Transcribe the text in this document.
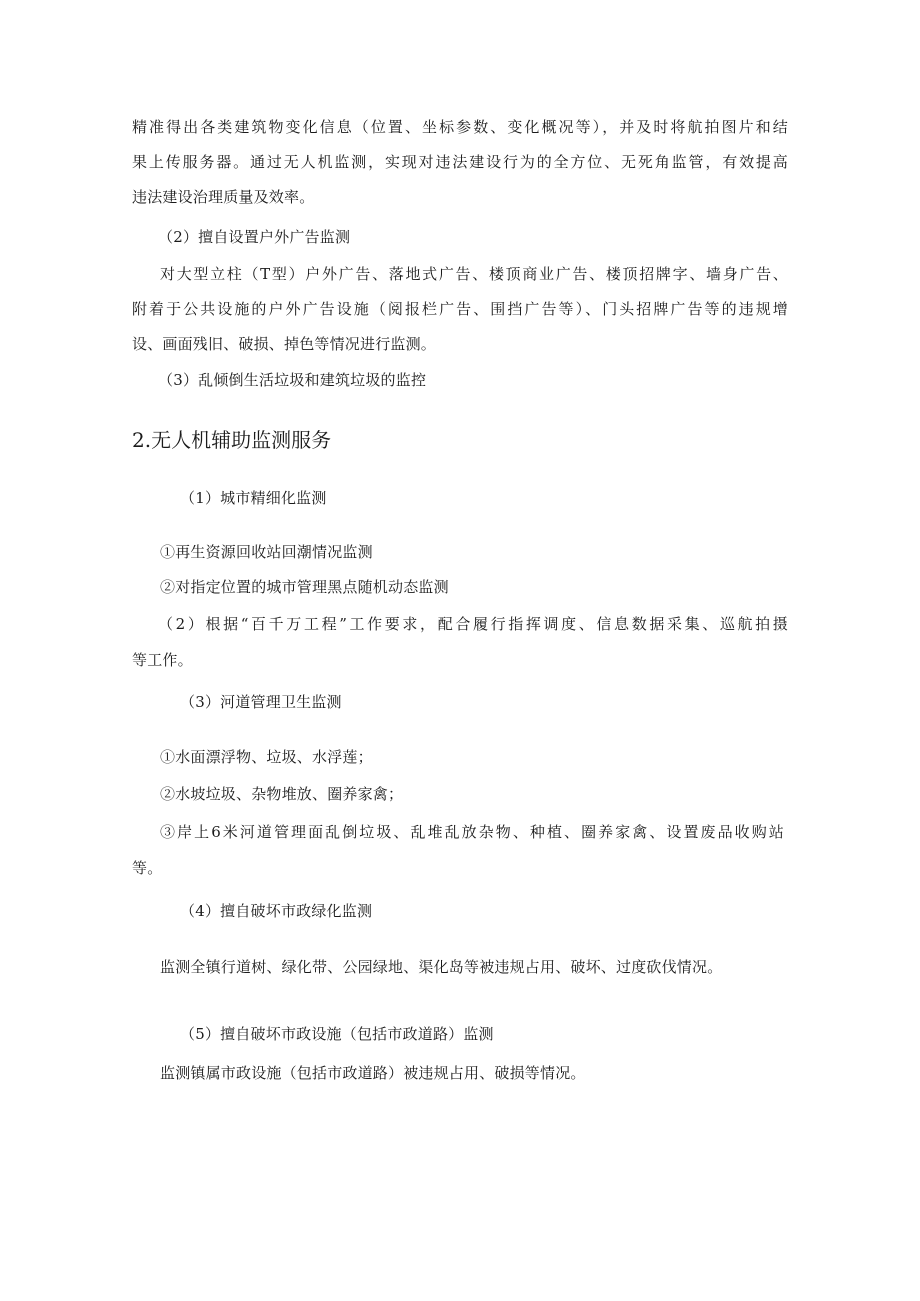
精准得出各类建筑物变化信息（位置、坐标参数、变化概况等），并及时将航拍图片和结
果上传服务器。通过无人机监测，实现对违法建设行为的全方位、无死角监管，有效提高
违法建设治理质量及效率。
（2）擅自设置户外广告监测
对大型立柱（T型）户外广告、落地式广告、楼顶商业广告、楼顶招牌字、墙身广告、
附着于公共设施的户外广告设施（阅报栏广告、围挡广告等）、门头招牌广告等的违规增
设、画面残旧、破损、掉色等情况进行监测。
（3）乱倾倒生活垃圾和建筑垃圾的监控
2.无人机辅助监测服务
（1）城市精细化监测
①再生资源回收站回潮情况监测
②对指定位置的城市管理黑点随机动态监测
（2）根据“百千万工程”工作要求，配合履行指挥调度、信息数据采集、巡航拍摄
等工作。
（3）河道管理卫生监测
①水面漂浮物、垃圾、水浮莲；
②水坡垃圾、杂物堆放、圈养家禽；
③岸上6米河道管理面乱倒垃圾、乱堆乱放杂物、种植、圈养家禽、设置废品收购站
等。
（4）擅自破坏市政绿化监测
监测全镇行道树、绿化带、公园绿地、渠化岛等被违规占用、破坏、过度砍伐情况。
（5）擅自破坏市政设施（包括市政道路）监测
监测镇属市政设施（包括市政道路）被违规占用、破损等情况。
